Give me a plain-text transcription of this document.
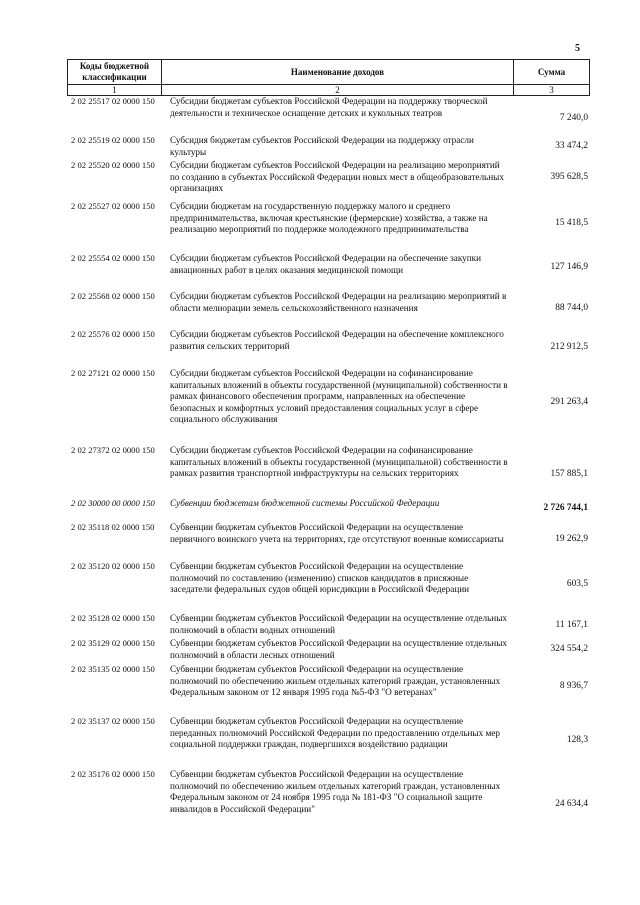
5
Коды бюджетной классификации
Наименование доходов	Сумма
1	2	3
2 02 25517 02 0000 150 Субсидии бюджетам субъектов Российской Федерации на поддержку творческой деятельности и техническое оснащение детских и кукольных театров
7 240,0
2 02 25519 02 0000 150 Субсидия бюджетам субъектов Российской Федерации на поддержку отрасли культуры
33 474,2
2 02 25520 02 0000 150 Субсидии бюджетам субъектов Российской Федерации на реализацию мероприятий по созданию в субъектах Российской Федерации новых мест в общеобразовательных организациях
395 628,5
2 02 25527 02 0000 150 Субсидии бюджетам на государственную поддержку малого и среднего предпринимательства, включая крестьянские (фермерские) хозяйства, а также на реализацию мероприятий по поддержке молодежного предпринимательства
15 418,5
2 02 25554 02 0000 150 Субсидии бюджетам субъектов Российской Федерации на обеспечение закупки авиационных работ в целях оказания медицинской помощи	127 146,9
2 02 25568 02 0000 150 Субсидии бюджетам субъектов Российской Федерации на реализацию мероприятий в области мелиорации земель сельскохозяйственного назначения	88 744,0
2 02 25576 02 0000 150 Субсидии бюджетам субъектов Российской Федерации на обеспечение комплексного развития сельских территорий	212 912,5
2 02 27121 02 0000 150 Субсидии бюджетам субъектов Российской Федерации на софинансирование капитальных вложений в объекты государственной (муниципальной) собственности в рамках финансового обеспечения программ, направленных на обеспечение безопасных и комфортных условий предоставления социальных услуг в сфере социального обслуживания
291 263,4
2 02 27372 02 0000 150 Субсидии бюджетам субъектов Российской Федерации на софинансирование капитальных вложений в объекты государственной (муниципальной) собственности в рамках развития транспортной инфраструктуры на сельских территориях	157 885,1
2 02 30000 00 0000 150 Субвенции бюджетам бюджетной системы Российской Федерации	2 726 744,1
2 02 35118 02 0000 150 Субвенции бюджетам субъектов Российской Федерации на осуществление первичного воинского учета на территориях, где отсутствуют военные комиссариаты	19 262,9
2 02 35120 02 0000 150 Субвенции бюджетам субъектов Российской Федерации на осуществление полномочий по составлению (изменению) списков кандидатов в присяжные заседатели федеральных судов общей юрисдикции в Российской Федерации
603,5
2 02 35128 02 0000 150 Субвенции бюджетам субъектов Российской Федерации на осуществление отдельных полномочий в области водных отношений	11 167,1
2 02 35129 02 0000 150 Субвенции бюджетам субъектов Российской Федерации на осуществление отдельных полномочий в области лесных отношений
324 554,2
2 02 35135 02 0000 150 Субвенции бюджетам субъектов Российской Федерации на осуществление полномочий по обеспечению жильем отдельных категорий граждан, установленных Федеральным законом от 12 января 1995 года №5-ФЗ "О ветеранах"
8 936,7
2 02 35137 02 0000 150 Субвенции бюджетам субъектов Российской Федерации на осуществление переданных полномочий Российской Федерации по предоставлению отдельных мер социальной поддержки граждан, подвергшихся воздействию радиации	128,3
2 02 35176 02 0000 150 Субвенции бюджетам субъектов Российской Федерации на осуществление полномочий по обеспечению жильем отдельных категорий граждан, установленных Федеральным законом от 24 ноября 1995 года № 181-ФЗ "О социальной защите инвалидов в Российской Федерации"	24 634,4
